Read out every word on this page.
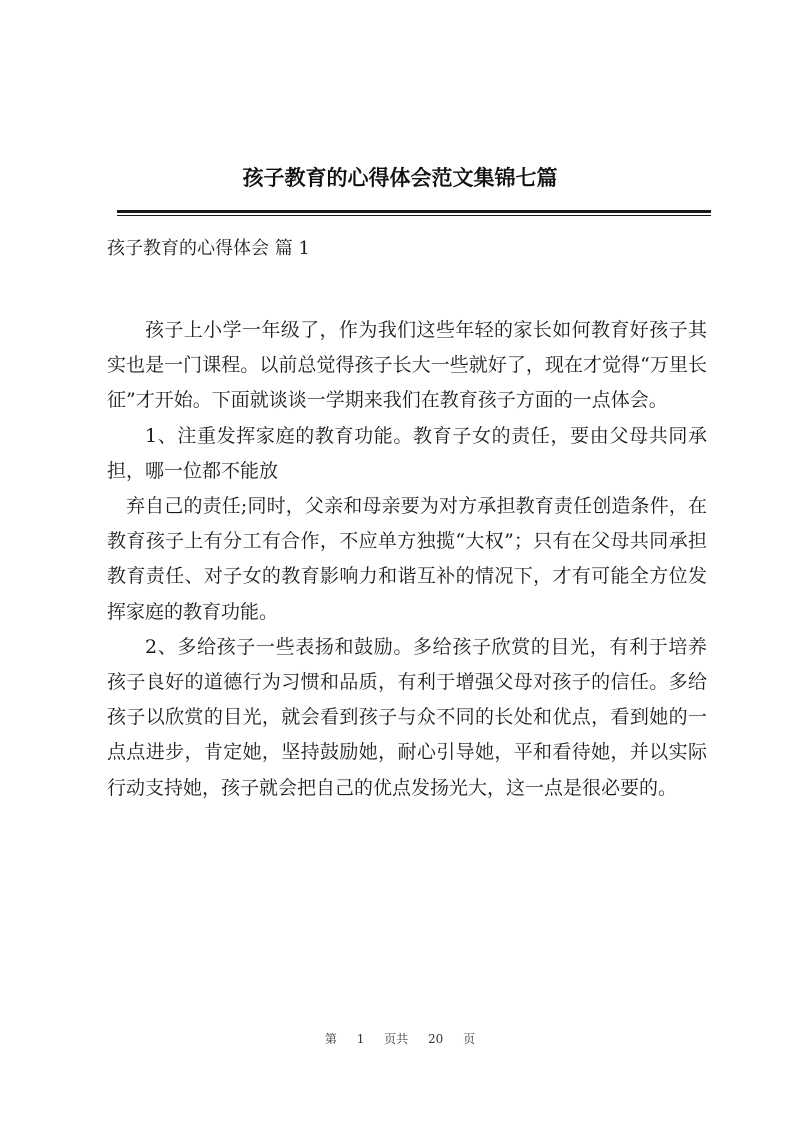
孩子教育的心得体会范文集锦七篇
孩子教育的心得体会 篇 1

孩子上小学一年级了，作为我们这些年轻的家长如何教育好孩子其实也是一门课程。以前总觉得孩子长大一些就好了，现在才觉得“万里长征”才开始。下面就谈谈一学期来我们在教育孩子方面的一点体会。

1、注重发挥家庭的教育功能。教育子女的责任，要由父母共同承担，哪一位都不能放

弃自己的责任;同时，父亲和母亲要为对方承担教育责任创造条件，在教育孩子上有分工有合作，不应单方独揽“大权”；只有在父母共同承担教育责任、对子女的教育影响力和谐互补的情况下，才有可能全方位发挥家庭的教育功能。

2、多给孩子一些表扬和鼓励。多给孩子欣赏的目光，有利于培养孩子良好的道德行为习惯和品质，有利于增强父母对孩子的信任。多给孩子以欣赏的目光，就会看到孩子与众不同的长处和优点，看到她的一点点进步，肯定她，坚持鼓励她，耐心引导她，平和看待她，并以实际行动支持她，孩子就会把自己的优点发扬光大，这一点是很必要的。

第 1 页共 20 页
